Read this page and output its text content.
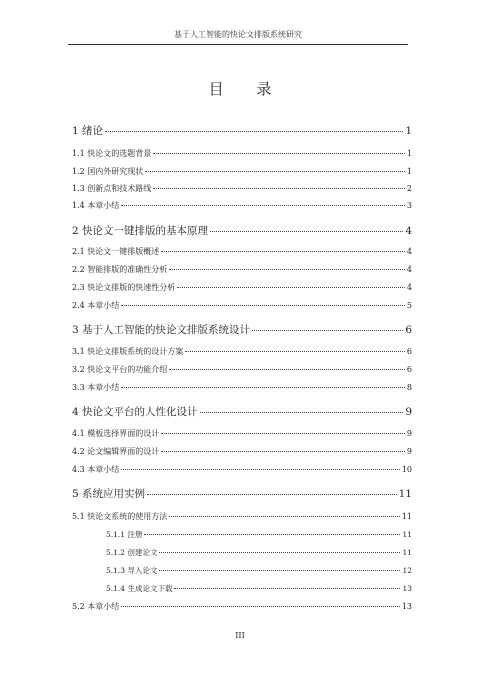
基于人工智能的快论文排版系统研究
目 录
1 绪论	1
1.1 快论文的选题背景	1
1.2 国内外研究现状	1
1.3 创新点和技术路线	2
1.4 本章小结	3
2 快论文一键排版的基本原理	4
2.1 快论文一键排版概述	4
2.2 智能排版的准确性分析	4
2.3 快论文排版的快速性分析	4
2.4 本章小结	5
3 基于人工智能的快论文排版系统设计	6
3.1 快论文排版系统的设计方案	6
3.2 快论文平台的功能介绍	6
3.3 本章小结	8
4 快论文平台的人性化设计	9
4.1 模板选择界面的设计	9
4.2 论文编辑界面的设计	9
4.3 本章小结	10
5 系统应用实例	11
5.1 快论文系统的使用方法	11
5.1.1 注册	11
5.1.2 创建论文	11
5.1.3 导入论文	12
5.1.4 生成论文下载	13
5.2 本章小结	13
III
